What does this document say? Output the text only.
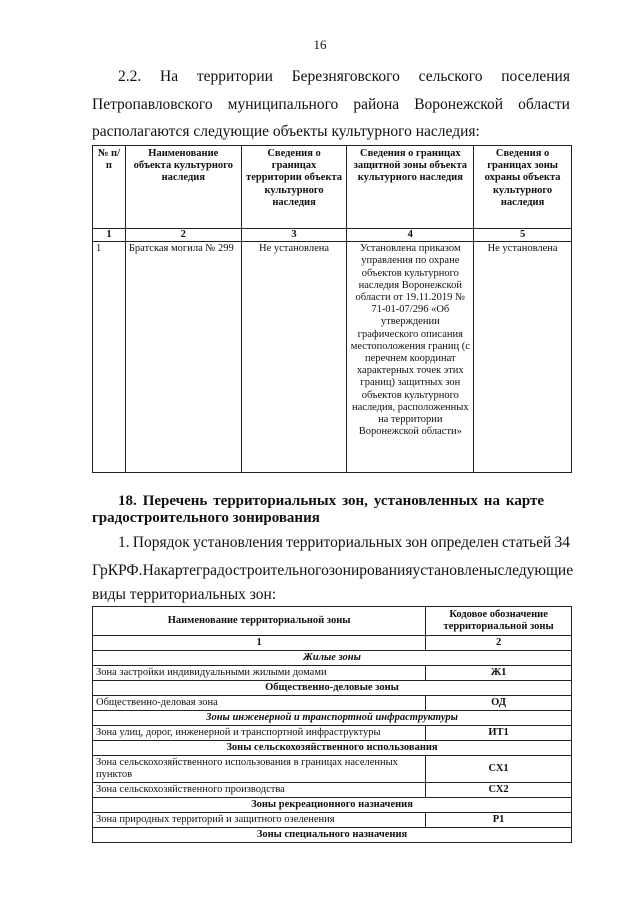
16
2.2. На территории Березняговского сельского поселения
Петропавловского муниципального района Воронежской области
располагаются следующие объекты культурного наследия:
№ п/п	Наименование объекта культурного наследия	Сведения о границах территории объекта культурного наследия	Сведения о границах защитной зоны объекта культурного наследия	Сведения о границах зоны охраны объекта культурного наследия
1	2	3	4	5
1	Братская могила № 299	Не установлена	Установлена приказом управления по охране объектов культурного наследия Воронежской области от 19.11.2019 № 71-01-07/296 «Об утверждении графического описания местоположения границ (с перечнем координат характерных точек этих границ) защитных зон объектов культурного наследия, расположенных на территории Воронежской области»	Не установлена
18. Перечень территориальных зон, установленных на карте градостроительного зонирования
1. Порядок установления территориальных зон определен статьей 34
ГрК РФ. На карте градостроительного зонирования установлены следующие
виды территориальных зон:
Наименование территориальной зоны	Кодовое обозначение территориальной зоны
1	2
Жилые зоны	
Зона застройки индивидуальными жилыми домами	Ж1
Общественно-деловые зоны	
Общественно-деловая зона	ОД
Зоны инженерной и транспортной инфраструктуры	
Зона улиц, дорог, инженерной и транспортной инфраструктуры	ИТ1
Зоны сельскохозяйственного использования	
Зона сельскохозяйственного использования в границах населенных пунктов	СХ1
Зона сельскохозяйственного производства	СХ2
Зоны рекреационного назначения	
Зона природных территорий и защитного озеленения	Р1
Зоны специального назначения	
